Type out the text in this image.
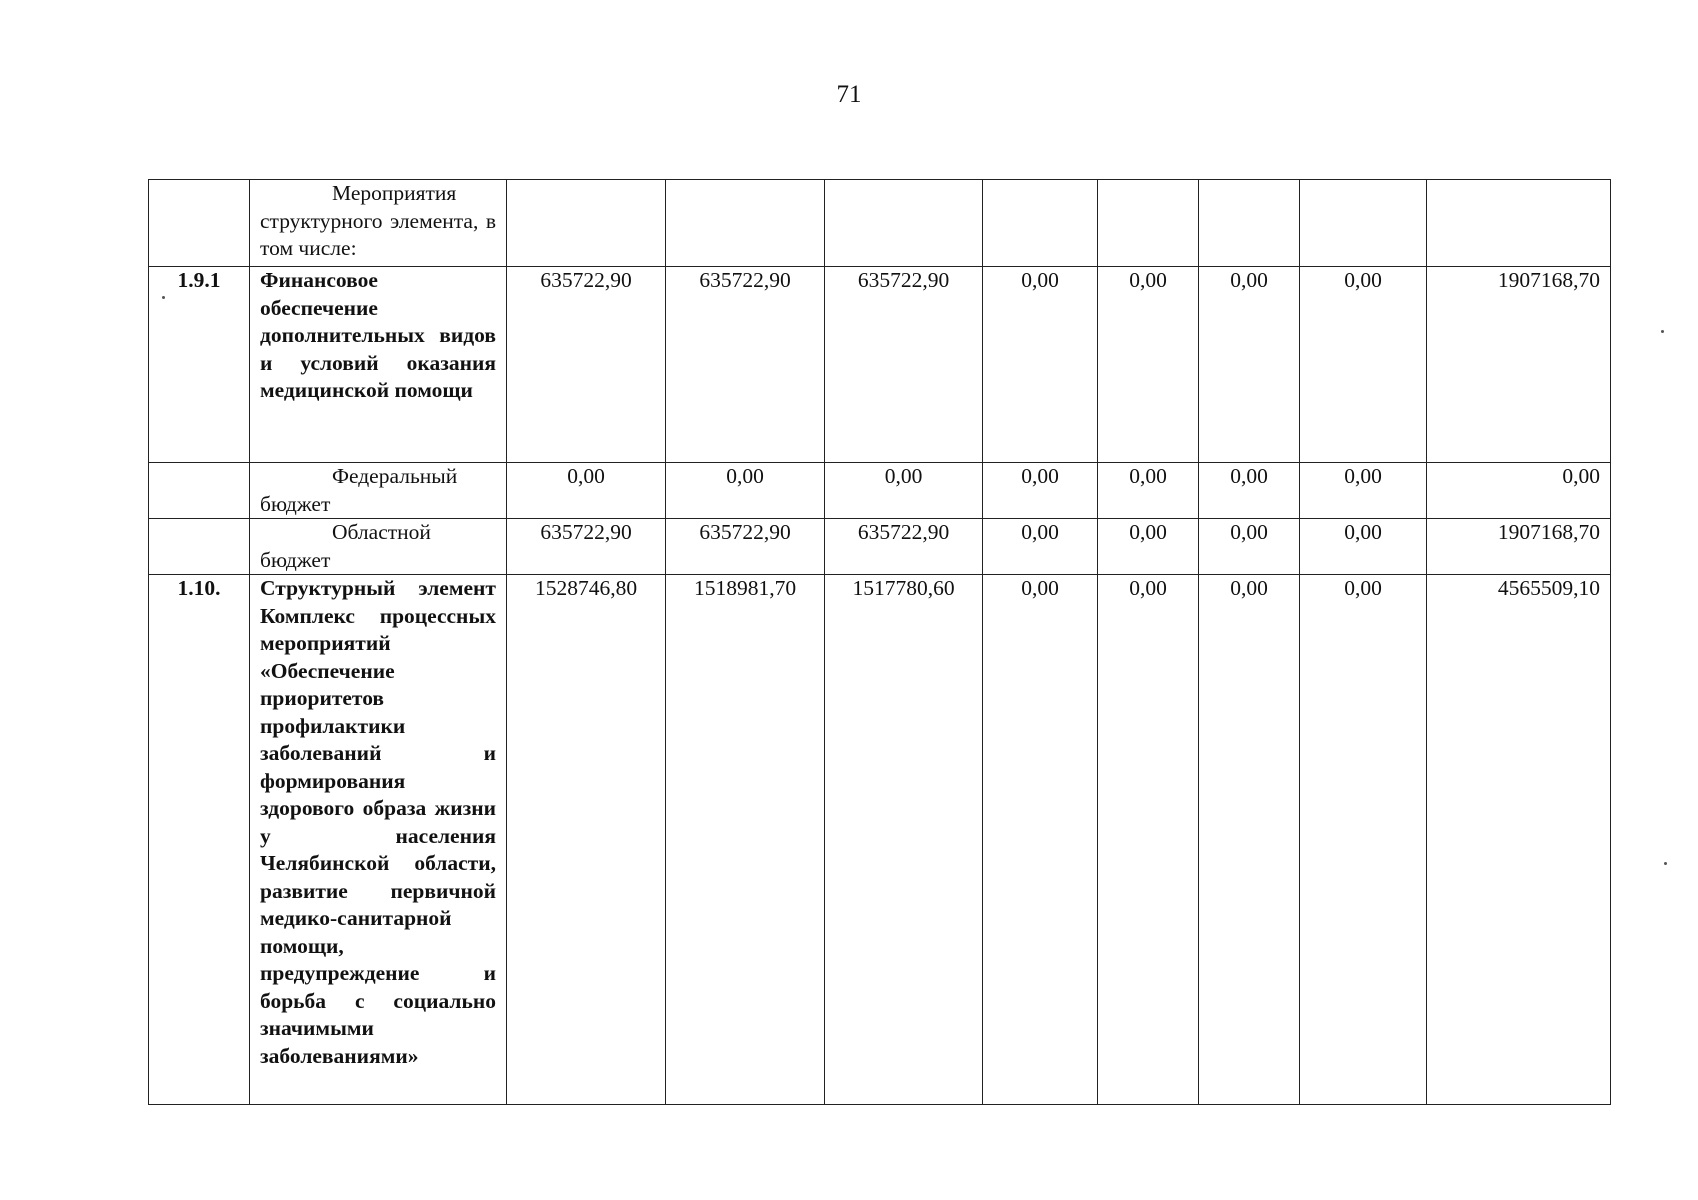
71

	Мероприятия структурного элемента, в том числе:								

1.9.1	Финансовое обеспечение дополнительных видов и условий оказания медицинской помощи	635722,90	635722,90	635722,90	0,00	0,00	0,00	0,00	1907168,70

	Федеральный бюджет	0,00	0,00	0,00	0,00	0,00	0,00	0,00	0,00

	Областной бюджет	635722,90	635722,90	635722,90	0,00	0,00	0,00	0,00	1907168,70
1.10.	Структурный элемент Комплекс процессных мероприятий «Обеспечение приоритетов профилактики заболеваний и формирования здорового образа жизни у населения Челябинской области, развитие первичной медико-санитарной помощи, предупреждение и борьба с социально значимыми заболеваниями»	1528746,80	1518981,70	1517780,60	0,00	0,00	0,00	0,00	4565509,10
